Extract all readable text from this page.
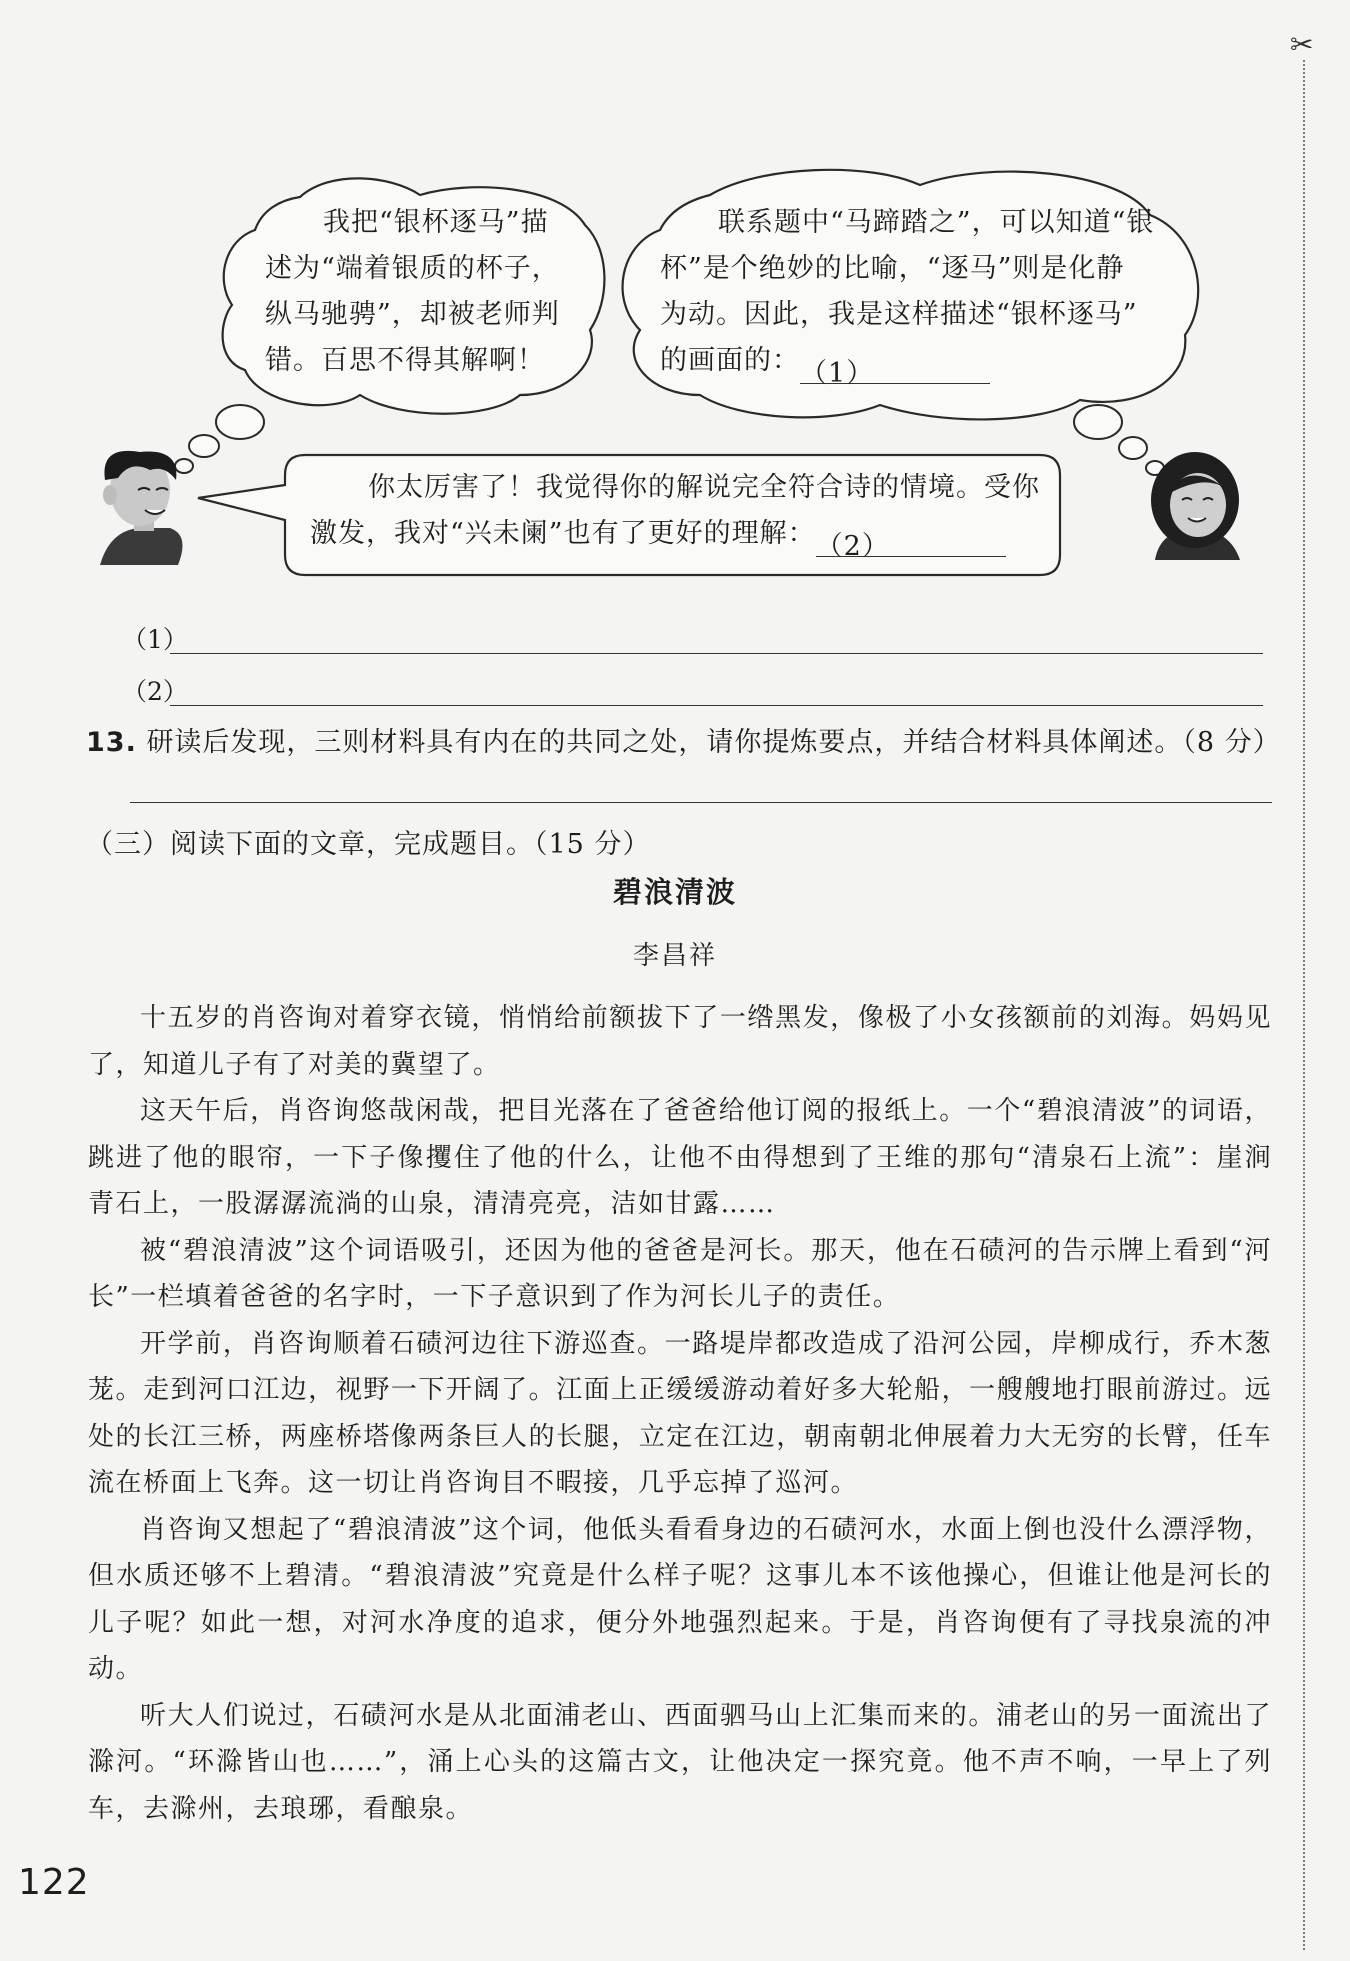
✂
我把“银杯逐马”描
述为“端着银质的杯子，
纵马驰骋”，却被老师判
错。百思不得其解啊！
联系题中“马蹄踏之”，可以知道“银
杯”是个绝妙的比喻，“逐马”则是化静
为动。因此，我是这样描述“银杯逐马”
的画面的：（1）
你太厉害了！我觉得你的解说完全符合诗的情境。受你
激发，我对“兴未阑”也有了更好的理解：（2）
（1）
（2）
13. 研读后发现，三则材料具有内在的共同之处，请你提炼要点，并结合材料具体阐述。（8 分）
（三）阅读下面的文章，完成题目。（15 分）
碧浪清波
李昌祥

十五岁的肖咨询对着穿衣镜，悄悄给前额拔下了一绺黑发，像极了小女孩额前的刘海。妈妈见了，知道儿子有了对美的冀望了。

这天午后，肖咨询悠哉闲哉，把目光落在了爸爸给他订阅的报纸上。一个“碧浪清波”的词语，跳进了他的眼帘，一下子像攫住了他的什么，让他不由得想到了王维的那句“清泉石上流”：崖涧青石上，一股潺潺流淌的山泉，清清亮亮，洁如甘露……

被“碧浪清波”这个词语吸引，还因为他的爸爸是河长。那天，他在石碛河的告示牌上看到“河长”一栏填着爸爸的名字时，一下子意识到了作为河长儿子的责任。

开学前，肖咨询顺着石碛河边往下游巡查。一路堤岸都改造成了沿河公园，岸柳成行，乔木葱茏。走到河口江边，视野一下开阔了。江面上正缓缓游动着好多大轮船，一艘艘地打眼前游过。远处的长江三桥，两座桥塔像两条巨人的长腿，立定在江边，朝南朝北伸展着力大无穷的长臂，任车流在桥面上飞奔。这一切让肖咨询目不暇接，几乎忘掉了巡河。

肖咨询又想起了“碧浪清波”这个词，他低头看看身边的石碛河水，水面上倒也没什么漂浮物，但水质还够不上碧清。“碧浪清波”究竟是什么样子呢？这事儿本不该他操心，但谁让他是河长的儿子呢？如此一想，对河水净度的追求，便分外地强烈起来。于是，肖咨询便有了寻找泉流的冲动。

听大人们说过，石碛河水是从北面浦老山、西面驷马山上汇集而来的。浦老山的另一面流出了滁河。“环滁皆山也……”，涌上心头的这篇古文，让他决定一探究竟。他不声不响，一早上了列车，去滁州，去琅琊，看酿泉。

122
